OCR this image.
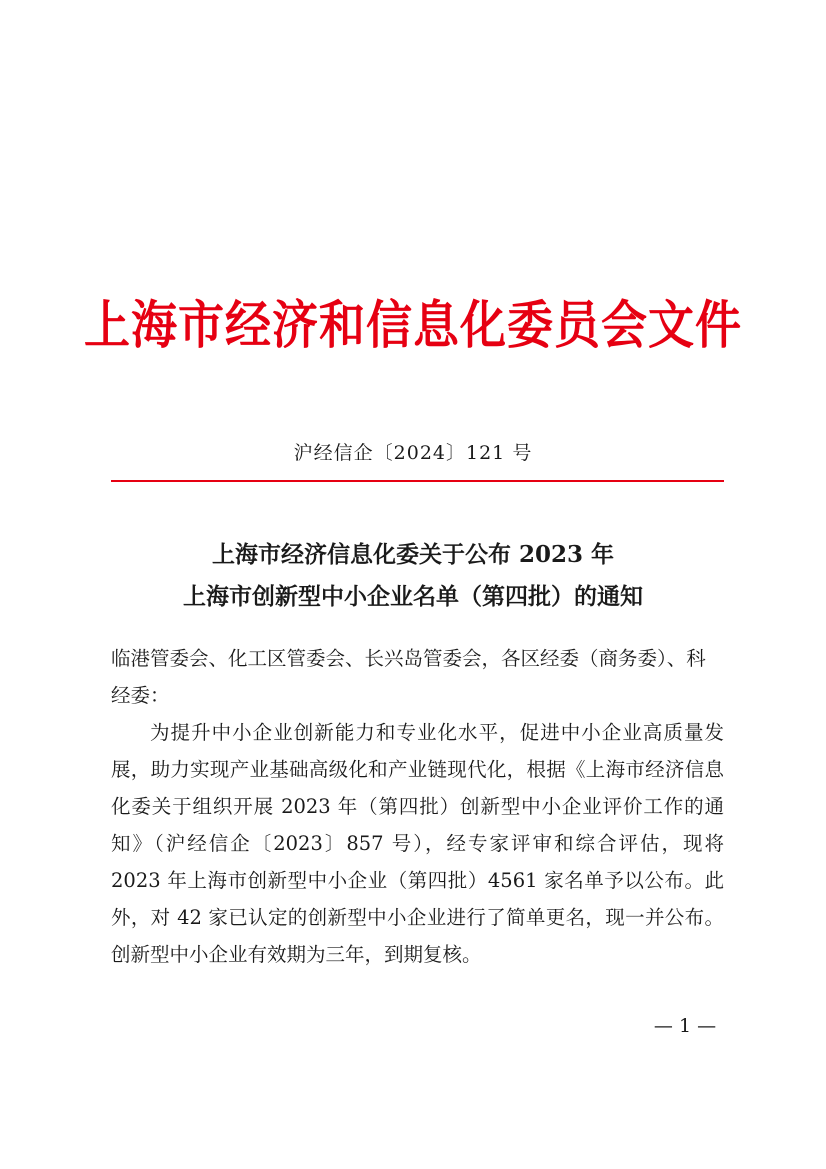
上海市经济和信息化委员会文件
沪经信企〔2024〕121 号
上海市经济信息化委关于公布 2023 年
上海市创新型中小企业名单（第四批）的通知

临港管委会、化工区管委会、长兴岛管委会，各区经委（商务委）、科经委：

为提升中小企业创新能力和专业化水平，促进中小企业高质量发展，助力实现产业基础高级化和产业链现代化，根据《上海市经济信息化委关于组织开展 2023 年（第四批）创新型中小企业评价工作的通知》（沪经信企〔2023〕857 号），经专家评审和综合评估，现将 2023 年上海市创新型中小企业（第四批）4561 家名单予以公布。此外，对 42 家已认定的创新型中小企业进行了简单更名，现一并公布。创新型中小企业有效期为三年，到期复核。

— 1 —
